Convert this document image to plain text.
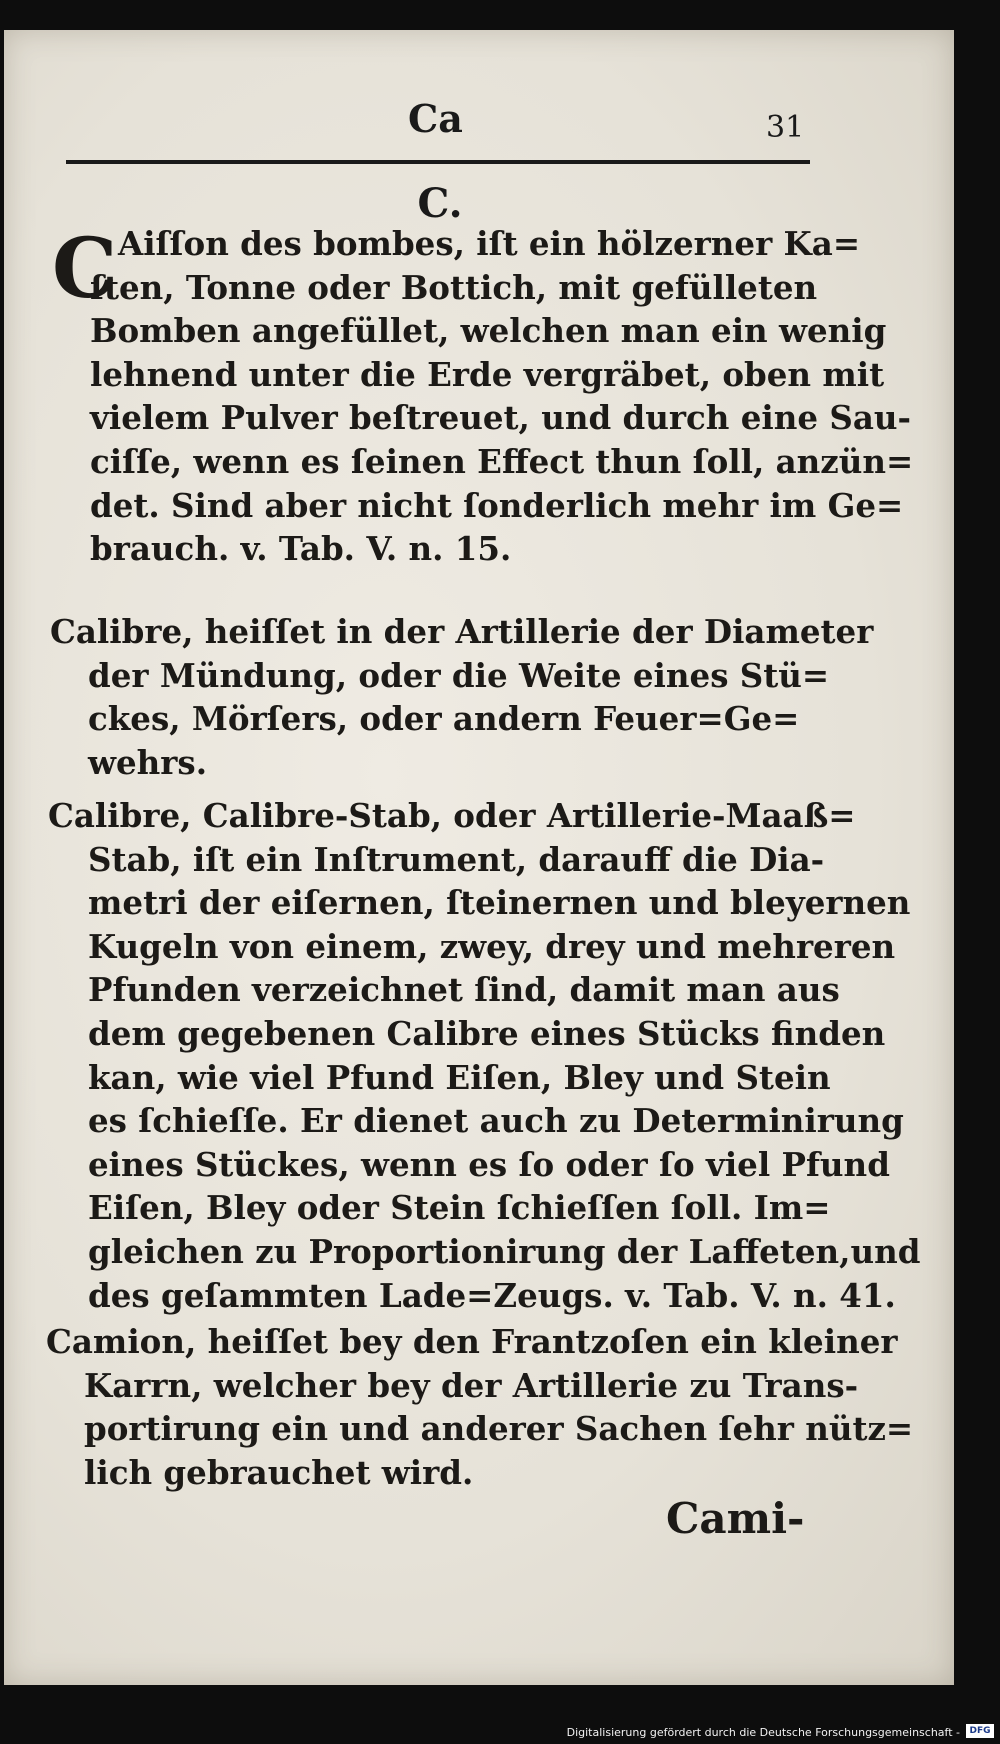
Ca	31
C.
C Aiſſon des bombes, iſt ein hölzerner Ka=
ſten, Tonne oder Bottich, mit gefülleten
Bomben angefüllet, welchen man ein wenig
lehnend unter die Erde vergräbet, oben mit
vielem Pulver beſtreuet, und durch eine Sau-
ciſſe, wenn es ſeinen Effect thun ſoll, anzün=
det. Sind aber nicht ſonderlich mehr im Ge=
brauch. v. Tab. V. n. 15.
Calibre, heiſſet in der Artillerie der Diameter
der Mündung, oder die Weite eines Stü=
ckes, Mörſers, oder andern Feuer=Ge=
wehrs.
Calibre, Calibre-Stab, oder Artillerie-Maaß=
Stab, iſt ein Inſtrument, darauff die Dia-
metri der eiſernen, ſteinernen und bleyernen
Kugeln von einem, zwey, drey und mehreren
Pfunden verzeichnet ſind, damit man aus
dem gegebenen Calibre eines Stücks finden
kan, wie viel Pfund Eiſen, Bley und Stein
es ſchieſſe. Er dienet auch zu Determinirung
eines Stückes, wenn es ſo oder ſo viel Pfund
Eiſen, Bley oder Stein ſchieſſen ſoll. Im=
gleichen zu Proportionirung der Laffeten,und
des geſammten Lade=Zeugs. v. Tab. V. n. 41.
Camion, heiſſet bey den Frantzoſen ein kleiner
Karrn, welcher bey der Artillerie zu Trans-
portirung ein und anderer Sachen ſehr nütz=
lich gebrauchet wird.
Cami-
Digitalisierung gefördert durch die Deutsche Forschungsgemeinschaft -	DFG
